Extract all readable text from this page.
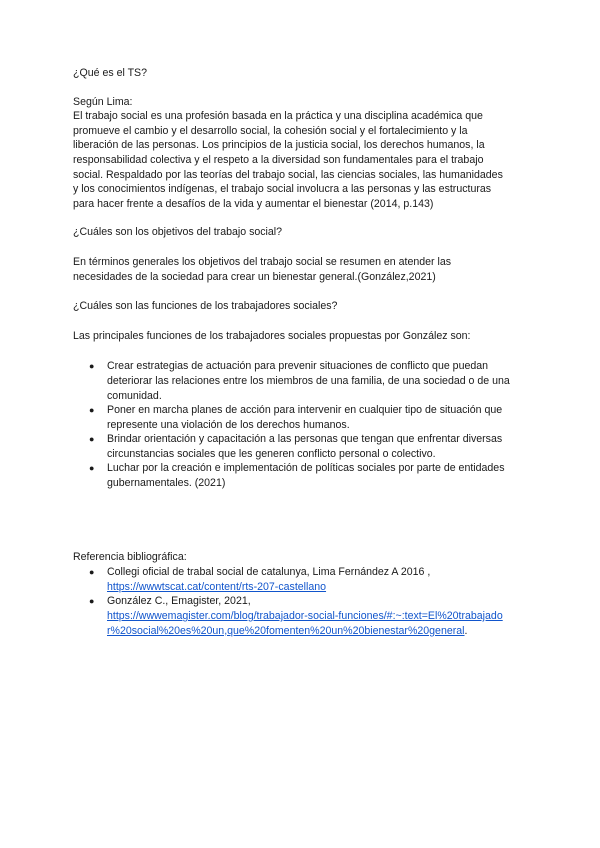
¿Qué es el TS?

Según Lima:

El trabajo social es una profesión basada en la práctica y una disciplina académica que promueve el cambio y el desarrollo social, la cohesión social y el fortalecimiento y la liberación de las personas. Los principios de la justicia social, los derechos humanos, la responsabilidad colectiva y el respeto a la diversidad son fundamentales para el trabajo social. Respaldado por las teorías del trabajo social, las ciencias sociales, las humanidades y los conocimientos indígenas, el trabajo social involucra a las personas y las estructuras para hacer frente a desafíos de la vida y aumentar el bienestar (2014, p.143)

¿Cuáles son los objetivos del trabajo social?

En términos generales los objetivos del trabajo social se resumen en atender las necesidades de la sociedad para crear un bienestar general.(González,2021)

¿Cuáles son las funciones de los trabajadores sociales?

Las principales funciones de los trabajadores sociales propuestas por González son:

● Crear estrategias de actuación para prevenir situaciones de conflicto que puedan deteriorar las relaciones entre los miembros de una familia, de una sociedad o de una comunidad.
● Poner en marcha planes de acción para intervenir en cualquier tipo de situación que represente una violación de los derechos humanos.
● Brindar orientación y capacitación a las personas que tengan que enfrentar diversas circunstancias sociales que les generen conflicto personal o colectivo.
● Luchar por la creación e implementación de políticas sociales por parte de entidades gubernamentales. (2021)

Referencia bibliográfica:

● Collegi oficial de trabal social de catalunya, Lima Fernández A 2016 ,
https://wwwtscat.cat/content/rts-207-castellano
● González C., Emagister, 2021,
https://wwwemagister.com/blog/trabajador-social-funciones/#:~:text=El%20trabajador%20social%20es%20un,que%20fomenten%20un%20bienestar%20general.
